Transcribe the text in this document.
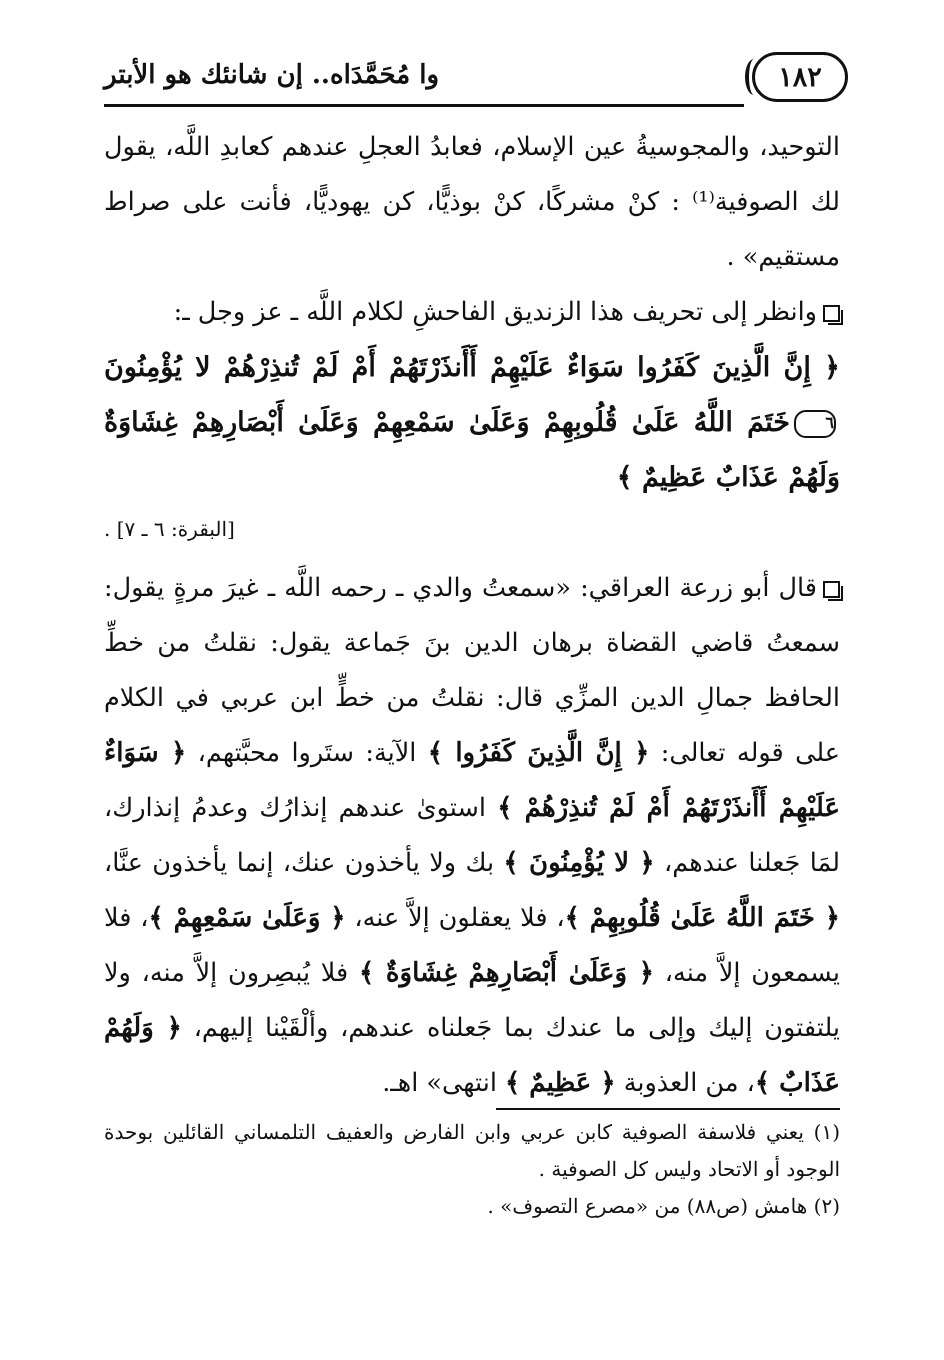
١٨٢
وا مُحَمَّدَاه.. إن شانئك هو الأبتر

التوحيد، والمجوسيةُ عين الإسلام، فعابدُ العجلِ عندهم كعابدِ اللَّه، يقول لك الصوفية⁽¹⁾ : كنْ مشركًا، كنْ بوذيًّا، كن يهوديًّا، فأنت على صراط مستقيم» .

وانظر إلى تحريف هذا الزنديق الفاحشِ لكلام اللَّه ـ عز وجل ـ:

﴿ إِنَّ الَّذِينَ كَفَرُوا سَوَاءٌ عَلَيْهِمْ أَأَنذَرْتَهُمْ أَمْ لَمْ تُنذِرْهُمْ لا يُؤْمِنُونَ٦خَتَمَ اللَّهُ عَلَىٰ قُلُوبِهِمْ وَعَلَىٰ سَمْعِهِمْ وَعَلَىٰ أَبْصَارِهِمْ غِشَاوَةٌ وَلَهُمْ عَذَابٌ عَظِيمٌ ﴾

[البقرة: ٦ ـ ٧] .

قال أبو زرعة العراقي: «سمعتُ والدي ـ رحمه اللَّه ـ غيرَ مرةٍ يقول: سمعتُ قاضي القضاة برهان الدين بنَ جَماعة يقول: نقلتُ من خطِّ الحافظ جمالِ الدين المزِّي قال: نقلتُ من خطٍّ ابن عربي في الكلام على قوله تعالى: ﴿ إِنَّ الَّذِينَ كَفَرُوا ﴾ الآية: ستَروا محبَّتهم، ﴿ سَوَاءٌ عَلَيْهِمْ أَأَنذَرْتَهُمْ أَمْ لَمْ تُنذِرْهُمْ ﴾ استوىٰ عندهم إنذارُك وعدمُ إنذارك، لمَا جَعلنا عندهم، ﴿ لا يُؤْمِنُونَ ﴾ بك ولا يأخذون عنك، إنما يأخذون عنَّا، ﴿ خَتَمَ اللَّهُ عَلَىٰ قُلُوبِهِمْ ﴾، فلا يعقلون إلاَّ عنه، ﴿ وَعَلَىٰ سَمْعِهِمْ ﴾، فلا يسمعون إلاَّ منه، ﴿ وَعَلَىٰ أَبْصَارِهِمْ غِشَاوَةٌ ﴾ فلا يُبصِرون إلاَّ منه، ولا يلتفتون إليك وإلى ما عندك بما جَعلناه عندهم، وألْقَيْنا إليهم، ﴿ وَلَهُمْ عَذَابٌ ﴾، من العذوبة ﴿ عَظِيمٌ ﴾ انتهى» اهـ.

(١) يعني فلاسفة الصوفية كابن عربي وابن الفارض والعفيف التلمساني القائلين بوحدة الوجود أو الاتحاد وليس كل الصوفية .

(٢) هامش (ص٨٨) من «مصرع التصوف» .
